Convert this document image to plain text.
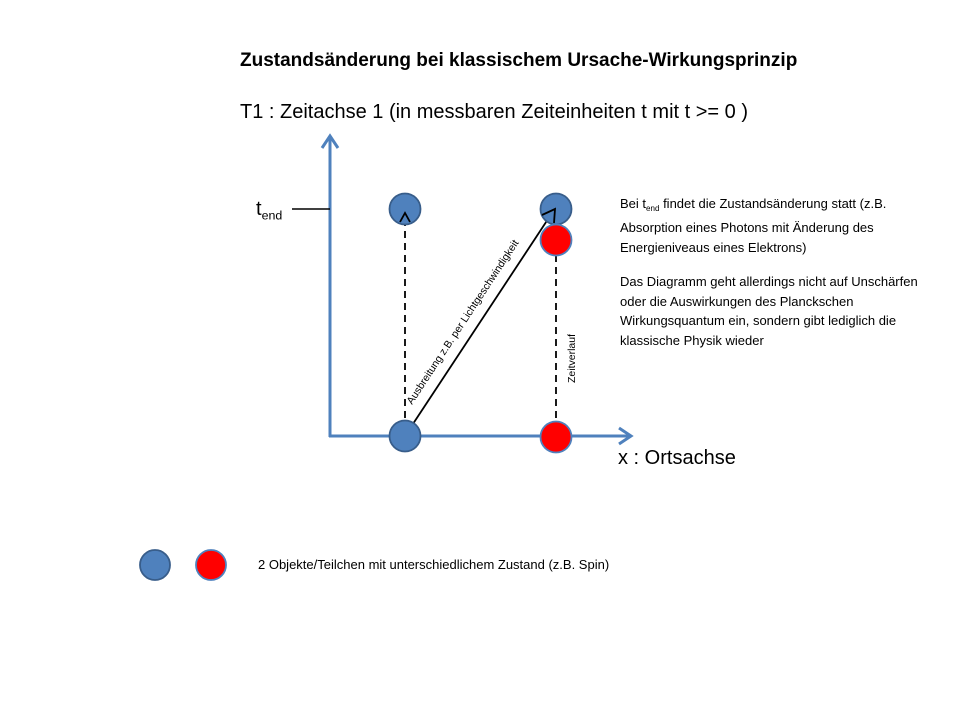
Ausbreitung z.B. per Lichtgeschwindigkeit	Zeitverlauf
Zustandsänderung bei klassischem Ursache-Wirkungsprinzip
T1 : Zeitachse 1 (in messbaren Zeiteinheiten t mit t >= 0 )
x : Ortsachse
$t_{end}$
Bei $t_{end}$ findet die Zustandsänderung statt (z.B. Absorption eines Photons mit Änderung des Energieniveaus eines Elektrons)
Das Diagramm geht allerdings nicht auf Unschärfen oder die Auswirkungen des Planckschen Wirkungsquantum ein, sondern gibt lediglich die klassische Physik wieder
2 Objekte/Teilchen mit unterschiedlichem Zustand (z.B. Spin)
